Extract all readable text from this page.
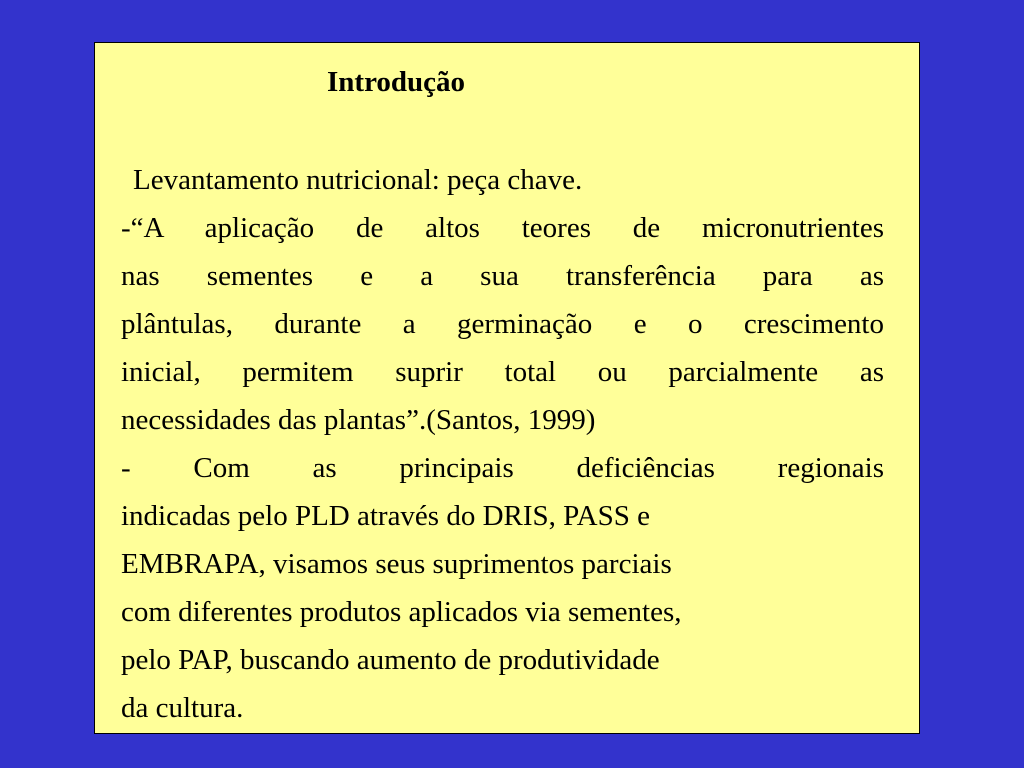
Introdução
Levantamento nutricional: peça chave.
-“A aplicação de altos teores de micronutrientes
nas sementes e a sua transferência para as
plântulas, durante a germinação e o crescimento
inicial, permitem suprir total ou parcialmente as
necessidades das plantas”.(Santos, 1999)
- Com as principais deficiências regionais
indicadas pelo PLD através do DRIS, PASS e
EMBRAPA, visamos seus suprimentos parciais
com diferentes produtos aplicados via sementes,
pelo PAP, buscando aumento de produtividade
da cultura.
